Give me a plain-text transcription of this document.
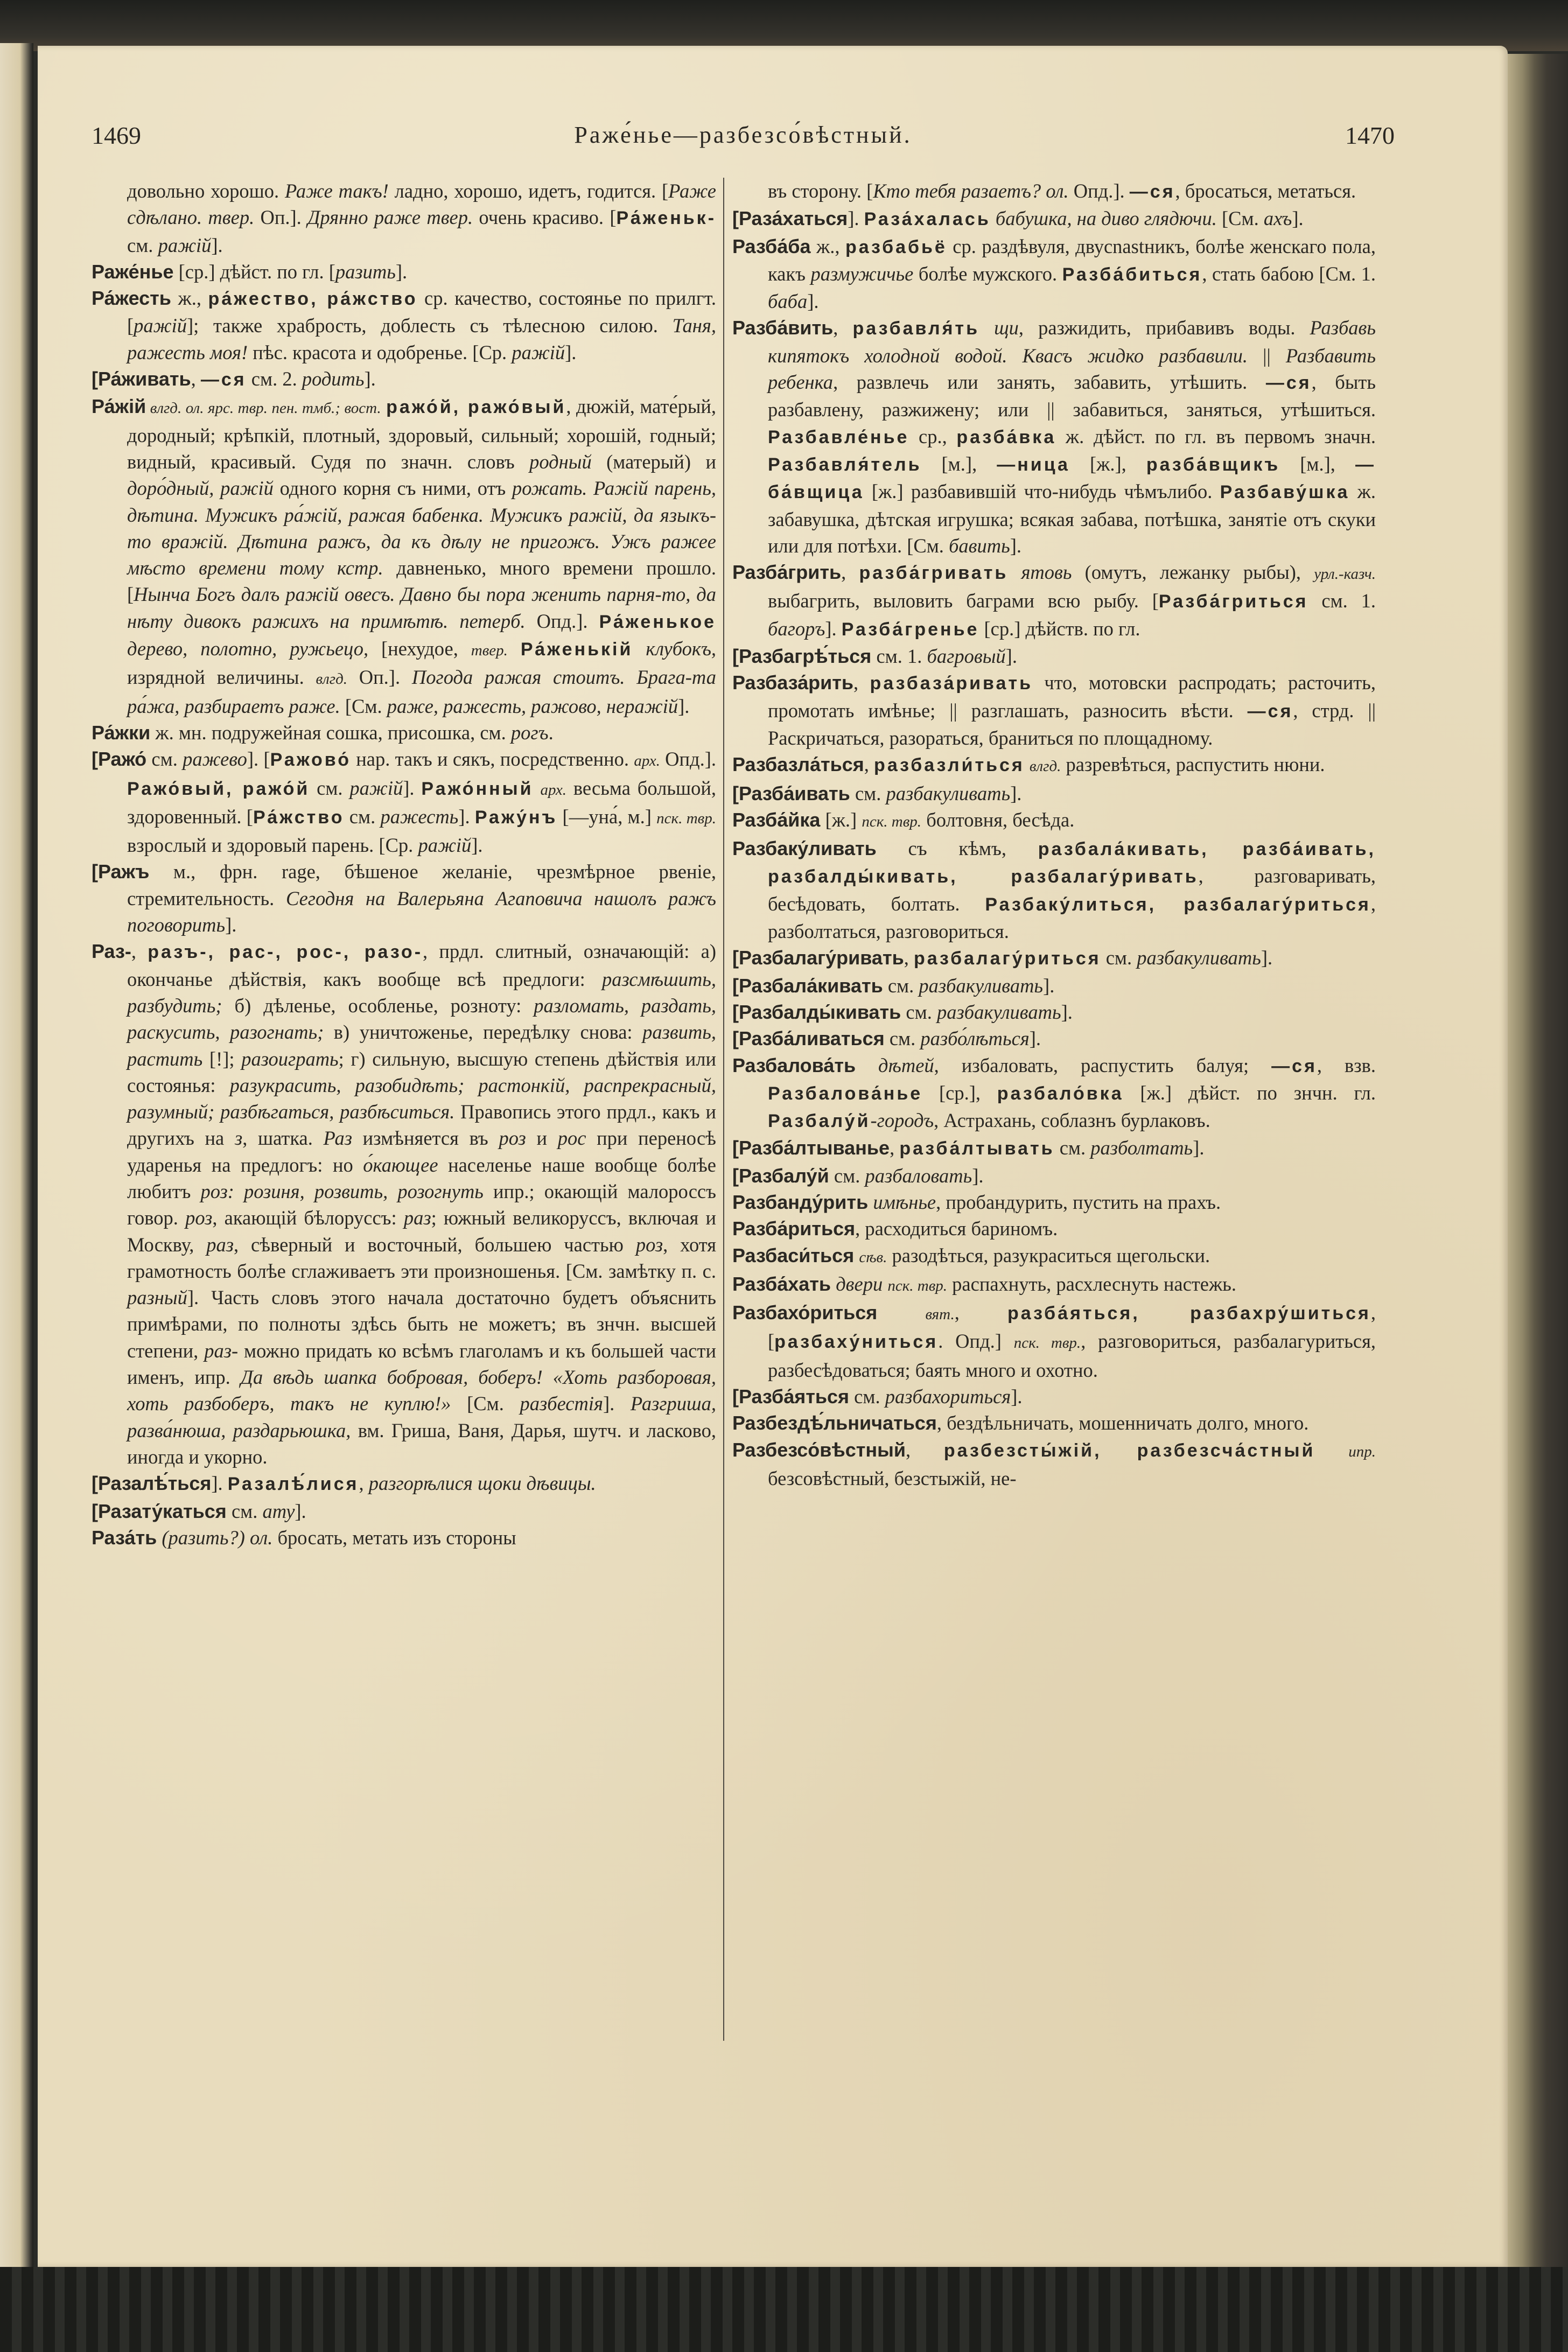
1469	Раже́нье—разбезсо́вѣстный.	1470

довольно хорошо. Раже такъ! ладно, хорошо, идетъ, годится. [Раже сдѣлано. твер. Оп.]. Дрянно раже твер. очень красиво. [Ра́женьк- см. ражій].

Раже́нье [ср.] дѣйст. по гл. [разить].

Ра́жесть ж., ра́жество, ра́жство ср. качество, состоянье по прилгт. [ражій]; также храбрость, доблесть съ тѣлесною силою. Таня, ражесть моя! пѣс. красота и одобренье. [Ср. ражій].

[Ра́живать, —ся см. 2. родить].

Ра́жій влгд. ол. ярс. твр. пен. тмб.; вост. ражо́й, ражо́вый, дюжій, мате́рый, дородный; крѣпкій, плотный, здоровый, сильный; хорошій, годный; видный, красивый. Судя по значн. словъ родный (матерый) и доро́дный, ражій одного корня съ ними, отъ рожать. Ражій парень, дѣтина. Мужикъ ра́жій, ражая бабенка. Мужикъ ражій, да языкъ-то вражій. Дѣтина ражъ, да къ дѣлу не пригожъ. Ужъ ражее мѣсто времени тому кстр. давненько, много времени прошло. [Нынча Богъ далъ ражій овесъ. Давно бы пора женить парня-то, да нѣту дивокъ ражихъ на примѣтѣ. петерб. Опд.]. Ра́женькое дерево, полотно, ружьецо, [нехудое, твер. Ра́женькій клубокъ, изрядной величины. влгд. Оп.]. Погода ражая стоитъ. Брага-та ра́жа, разбираетъ раже. [См. раже, ражесть, ражово, неражій].

Ра́жки ж. мн. подружейная сошка, присошка, см. рогъ.

[Ражо́ см. ражево]. [Ражово́ нар. такъ и сякъ, посредственно. арх. Опд.]. Ражо́вый, ражо́й см. ражій]. Ражо́нный арх. весьма большой, здоровенный. [Ра́жство см. ражесть]. Ражу́нъ [—уна́, м.] пск. твр. взрослый и здоровый парень. [Ср. ражій].

[Ражъ м., фрн. rage, бѣшеное желаніе, чрезмѣрное рвеніе, стремительность. Сегодня на Валерьяна Агаповича нашолъ ражъ поговорить].

Раз-, разъ-, рас-, рос-, разо-, прдл. слитный, означающій: а) окончанье дѣйствія, какъ вообще всѣ предлоги: разсмѣшить, разбудить; б) дѣленье, особленье, розноту: разломать, раздать, раскусить, разогнать; в) уничтоженье, передѣлку снова: развить, растить [!]; разоиграть; г) сильную, высшую степень дѣйствія или состоянья: разукрасить, разобидѣть; растонкій, распрекрасный, разумный; разбѣгаться, разбѣситься. Правопись этого прдл., какъ и другихъ на з, шатка. Раз измѣняется въ роз и рос при переносѣ ударенья на предлогъ: но о́кающее населенье наше вообще болѣе любитъ роз: розиня, розвить, розогнуть ипр.; окающій малороссъ говор. роз, акающій бѣлоруссъ: раз; южный великоруссъ, включая и Москву, раз, сѣверный и восточный, большею частью роз, хотя грамотность болѣе сглаживаетъ эти произношенья. [См. замѣтку п. с. разный]. Часть словъ этого начала достаточно будетъ объяснить примѣрами, по полноты здѣсь быть не можетъ; въ знчн. высшей степени, раз- можно придать ко всѣмъ глаголамъ и къ большей части именъ, ипр. Да вѣдь шапка бобровая, боберъ! «Хоть разборовая, хоть разбоберъ, такъ не куплю!» [См. разбестія]. Разгриша, разва́нюша, раздарьюшка, вм. Гриша, Ваня, Дарья, шутч. и ласково, иногда и укорно.

[Разалѣ́ться]. Разалѣ́лися, разгорѣлися щоки дѣвицы.

[Разату́каться см. ату].

Раза́ть (разить?) ол. бросать, метать изъ стороны

въ сторону. [Кто тебя разаетъ? ол. Опд.]. —ся, бросаться, метаться.

[Раза́хаться]. Раза́халась бабушка, на диво глядючи. [См. ахъ].

Разба́ба ж., разбабьё ср. раздѣвуля, двусnastникъ, болѣе женскаго пола, какъ размужичье болѣе мужского. Разба́биться, стать бабою [См. 1. баба].

Разба́вить, разбавля́ть щи, разжидить, прибавивъ воды. Разбавь кипятокъ холодной водой. Квасъ жидко разбавили. || Разбавить ребенка, развлечь или занять, забавить, утѣшить. —ся, быть разбавлену, разжижену; или || забавиться, заняться, утѣшиться. Разбавле́нье ср., разба́вка ж. дѣйст. по гл. въ первомъ значн. Разбавля́тель [м.], —ница [ж.], разба́вщикъ [м.], —ба́вщица [ж.] разбавившій что-нибудь чѣмълибо. Разбаву́шка ж. забавушка, дѣтская игрушка; всякая забава, потѣшка, занятіе отъ скуки или для потѣхи. [См. бавить].

Разба́грить, разба́гривать ятовь (омутъ, лежанку рыбы), урл.-казч. выбагрить, выловить баграми всю рыбу. [Разба́гриться см. 1. багоръ]. Разба́гренье [ср.] дѣйств. по гл.

[Разбагрѣ́ться см. 1. багровый].

Разбаза́рить, разбаза́ривать что, мотовски распродать; расточить, промотать имѣнье; || разглашать, разносить вѣсти. —ся, стрд. || Раскричаться, разораться, браниться по площадному.

Разбазла́ться, разбазли́ться влгд. разревѣться, распустить нюни.

[Разба́ивать см. разбакуливать].

Разба́йка [ж.] пск. твр. болтовня, бесѣда.

Разбаку́ливать съ кѣмъ, разбала́кивать, разба́ивать, разбалды́кивать, разбалагу́ривать, разговаривать, бесѣдовать, болтать. Разбаку́литься, разбалагу́риться, разболтаться, разговориться.

[Разбалагу́ривать, разбалагу́риться см. разбакуливать].

[Разбала́кивать см. разбакуливать].

[Разбалды́кивать см. разбакуливать].

[Разба́ливаться см. разбо́лѣться].

Разбалова́ть дѣтей, избаловать, распустить балуя; —ся, взв. Разбалова́нье [ср.], разбало́вка [ж.] дѣйст. по знчн. гл. Разбалу́й-городъ, Астрахань, соблазнъ бурлаковъ.

[Разба́лтыванье, разба́лтывать см. разболтать].

[Разбалу́й см. разбаловать].

Разбанду́рить имѣнье, пробандурить, пустить на прахъ.

Разба́риться, расходиться бариномъ.

Разбаси́ться сѣв. разодѣться, разукраситься щегольски.

Разба́хать двери пск. твр. распахнуть, расхлеснуть настежь.

Разбахо́риться	вят., разба́яться, разбахру́шиться, [разбаху́ниться. Опд.] пск. твр., разговориться, разбалагуриться, разбесѣдоваться; баять много и охотно.

[Разба́яться см. разбахориться].

Разбездѣ́льничаться, бездѣльничать, мошенничать долго, много.

Разбезсо́вѣстный, разбезсты́жій, разбезсча́стный ипр. безсовѣстный, безстыжій, не-
